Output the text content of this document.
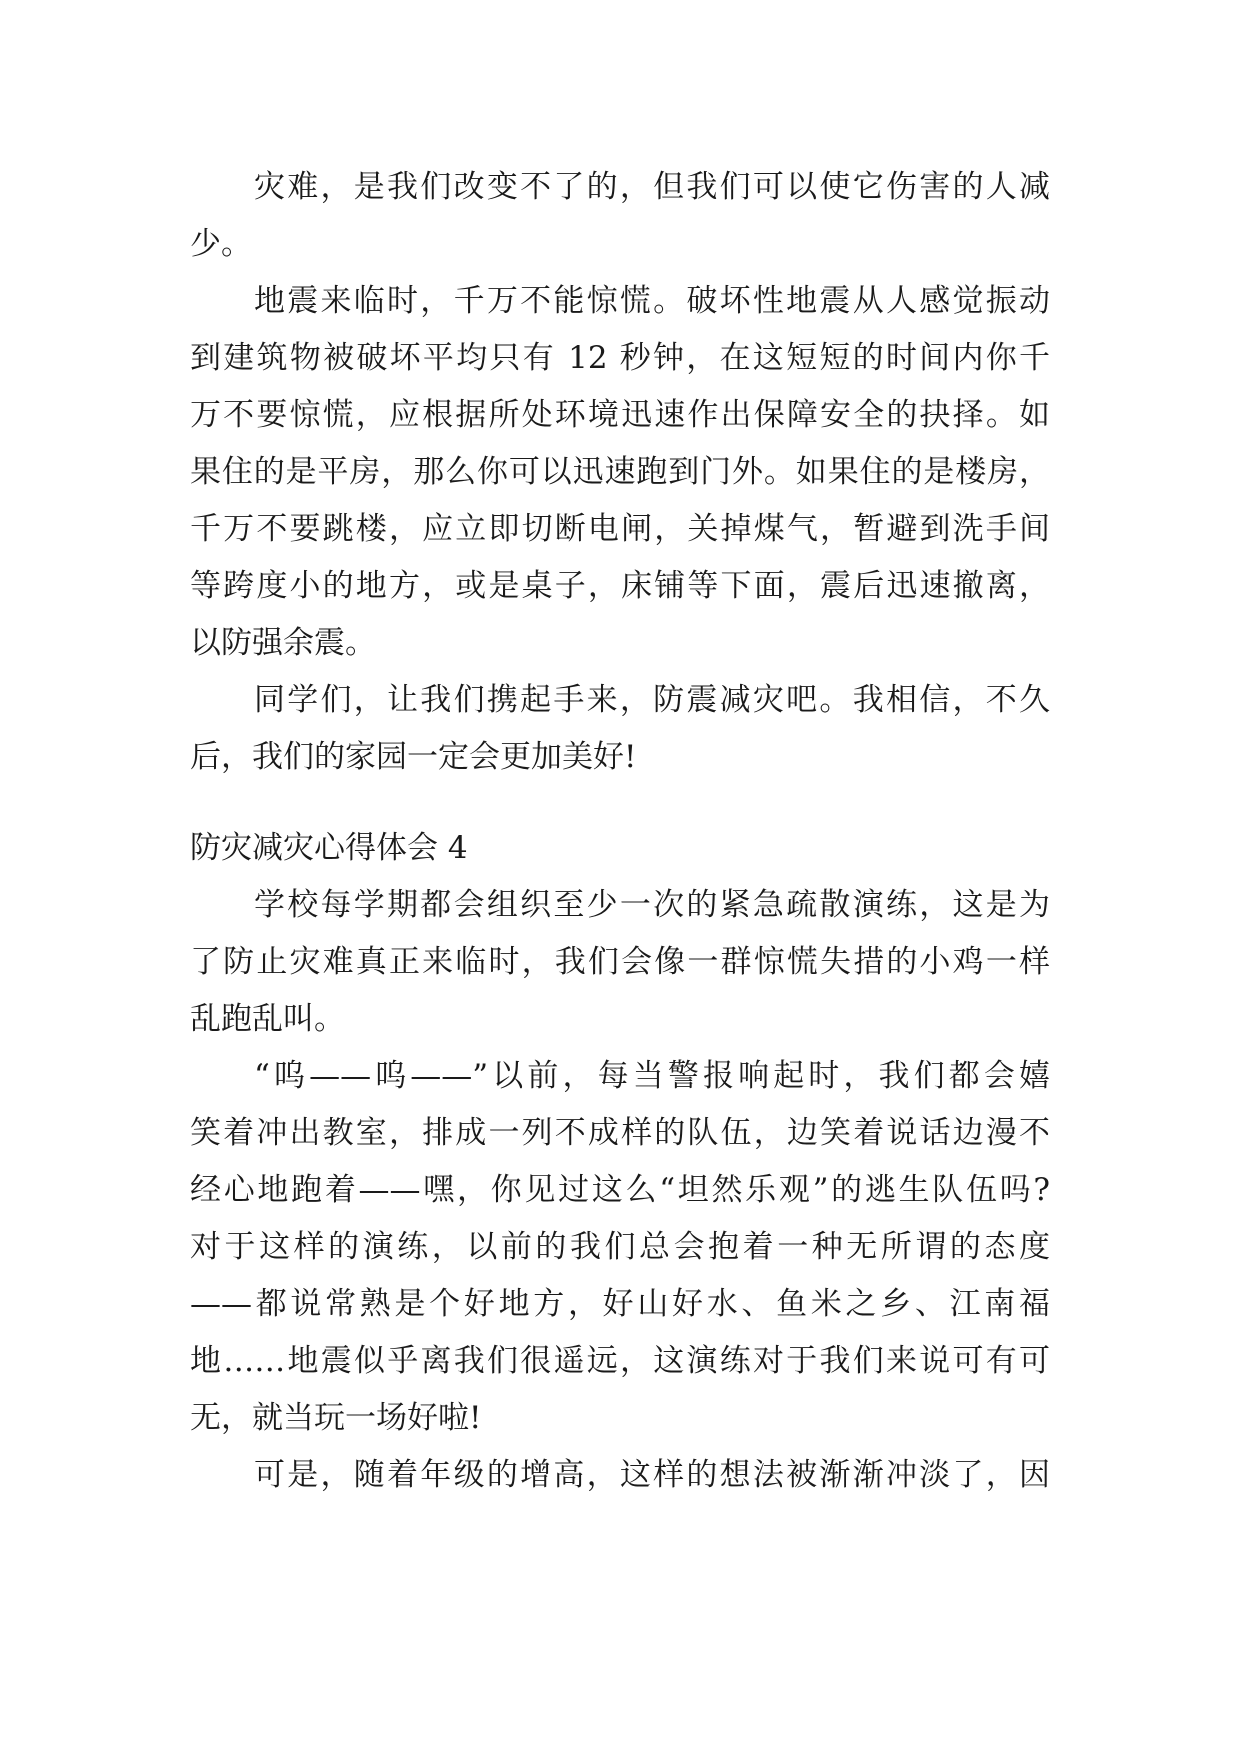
灾难，是我们改变不了的，但我们可以使它伤害的人减
少。
地震来临时，千万不能惊慌。破坏性地震从人感觉振动
到建筑物被破坏平均只有 12 秒钟，在这短短的时间内你千
万不要惊慌，应根据所处环境迅速作出保障安全的抉择。如
果住的是平房，那么你可以迅速跑到门外。如果住的是楼房，
千万不要跳楼，应立即切断电闸，关掉煤气，暂避到洗手间
等跨度小的地方，或是桌子，床铺等下面，震后迅速撤离，
以防强余震。
同学们，让我们携起手来，防震减灾吧。我相信，不久
后，我们的家园一定会更加美好!
防灾减灾心得体会 4
学校每学期都会组织至少一次的紧急疏散演练，这是为
了防止灾难真正来临时，我们会像一群惊慌失措的小鸡一样
乱跑乱叫。
“呜——呜——”以前，每当警报响起时，我们都会嬉
笑着冲出教室，排成一列不成样的队伍，边笑着说话边漫不
经心地跑着——嘿，你见过这么“坦然乐观”的逃生队伍吗?
对于这样的演练，以前的我们总会抱着一种无所谓的态度
——都说常熟是个好地方，好山好水、鱼米之乡、江南福
地……地震似乎离我们很遥远，这演练对于我们来说可有可
无，就当玩一场好啦!
可是，随着年级的增高，这样的想法被渐渐冲淡了，因
